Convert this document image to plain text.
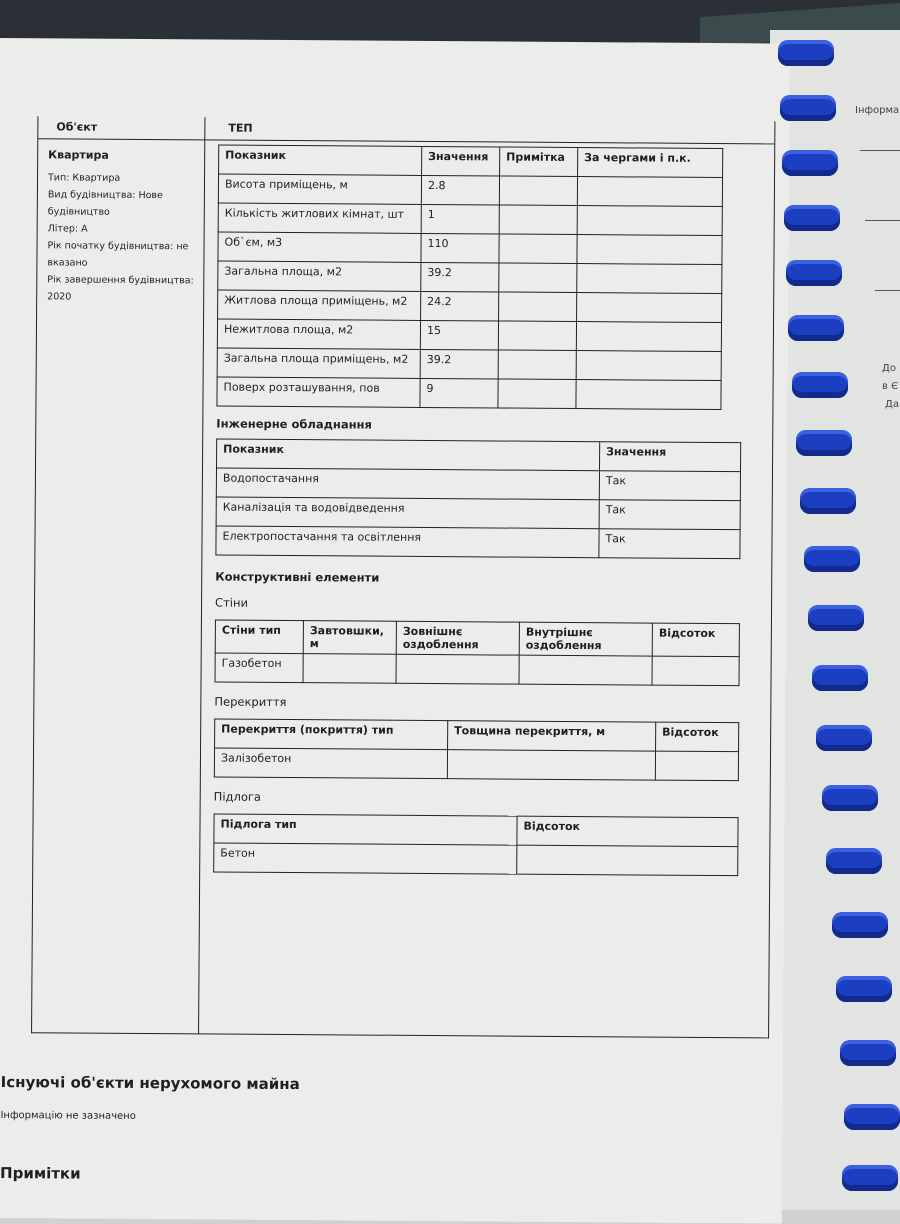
Інформа
До
в Є
Да
Об'єкт	ТЕП
Квартира
Тип: Квартира
Вид будівництва: Нове будівництво
Літер: А
Рік початку будівництва: не вказано
Рік завершення будівництва: 2020
Показник	Значення	Примітка	За чергами і п.к.
Висота приміщень, м	2.8		
Кількість житлових кімнат, шт	1		
Об`єм, м3	110		
Загальна площа, м2	39.2		
Житлова площа приміщень, м2	24.2		
Нежитлова площа, м2	15		
Загальна площа приміщень, м2	39.2		
Поверх розташування, пов	9		
Інженерне обладнання
Показник	Значення
Водопостачання	Так
Каналізація та водовідведення	Так
Електропостачання та освітлення	Так
Конструктивні елементи
Стіни
Стіни тип	Завтовшки, м	Зовнішнє оздоблення	Внутрішнє оздоблення	Відсоток
Газобетон				
Перекриття
Перекриття (покриття) тип	Товщина перекриття, м	Відсоток
Залізобетон		
Підлога
Підлога тип	Відсоток
Бетон	
Існуючі об'єкти нерухомого майна
Інформацію не зазначено
Примітки
